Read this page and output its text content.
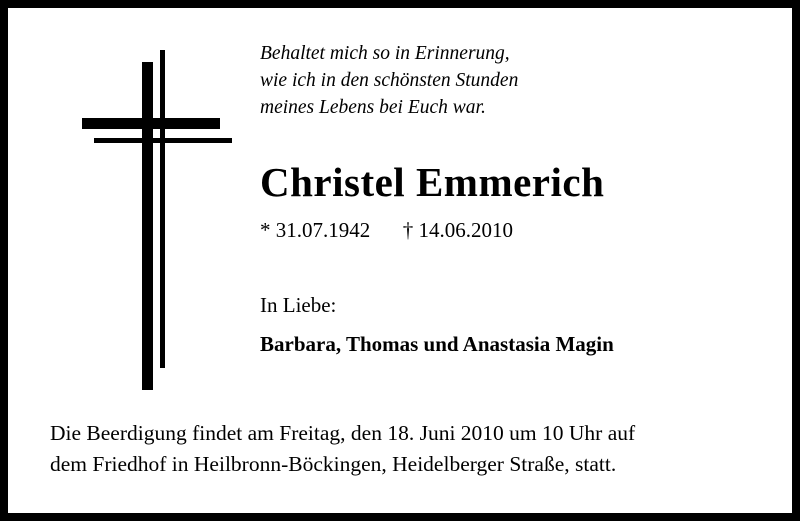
Behaltet mich so in Erinnerung,
wie ich in den schönsten Stunden
meines Lebens bei Euch war.
Christel Emmerich
* 31.07.1942 † 14.06.2010
In Liebe:
Barbara, Thomas und Anastasia Magin
Die Beerdigung findet am Freitag, den 18. Juni 2010 um 10 Uhr auf
dem Friedhof in Heilbronn-Böckingen, Heidelberger Straße, statt.
